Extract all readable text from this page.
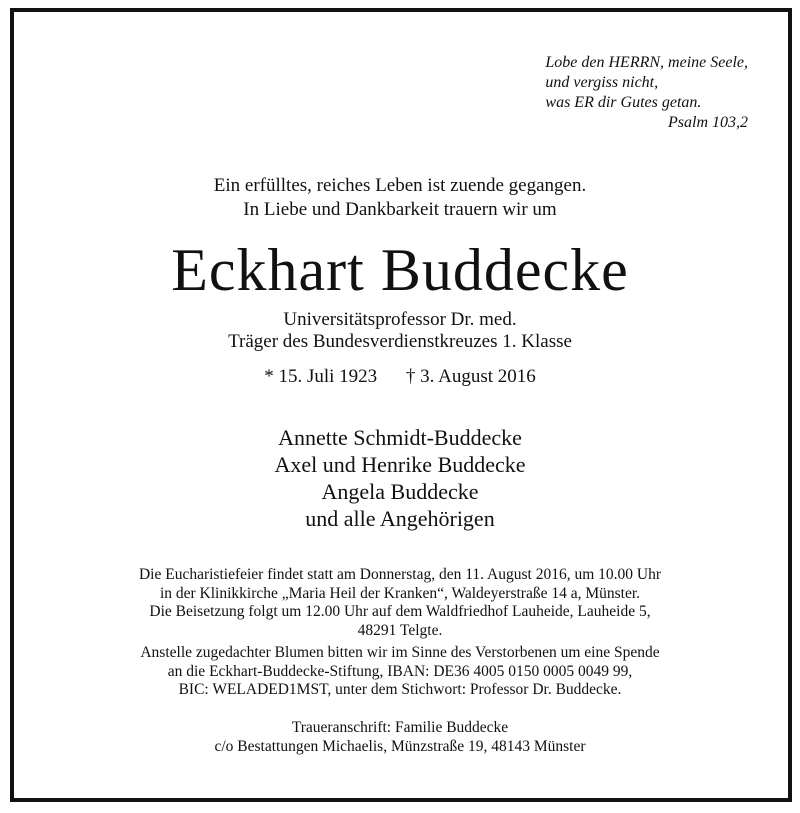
Lobe den HERRN, meine Seele,
und vergiss nicht,
was ER dir Gutes getan.
Psalm 103,2
Ein erfülltes, reiches Leben ist zuende gegangen.
In Liebe und Dankbarkeit trauern wir um
Eckhart Buddecke
Universitätsprofessor Dr. med.
Träger des Bundesverdienstkreuzes 1. Klasse
* 15. Juli 1923 † 3. August 2016
Annette Schmidt-Buddecke
Axel und Henrike Buddecke
Angela Buddecke
und alle Angehörigen
Die Eucharistiefeier findet statt am Donnerstag, den 11. August 2016, um 10.00 Uhr
in der Klinikkirche „Maria Heil der Kranken“, Waldeyerstraße 14 a, Münster.
Die Beisetzung folgt um 12.00 Uhr auf dem Waldfriedhof Lauheide, Lauheide 5,
48291 Telgte.
Anstelle zugedachter Blumen bitten wir im Sinne des Verstorbenen um eine Spende
an die Eckhart-Buddecke-Stiftung, IBAN: DE36 4005 0150 0005 0049 99,
BIC: WELADED1MST, unter dem Stichwort: Professor Dr. Buddecke.
Traueranschrift: Familie Buddecke
c/o Bestattungen Michaelis, Münzstraße 19, 48143 Münster
